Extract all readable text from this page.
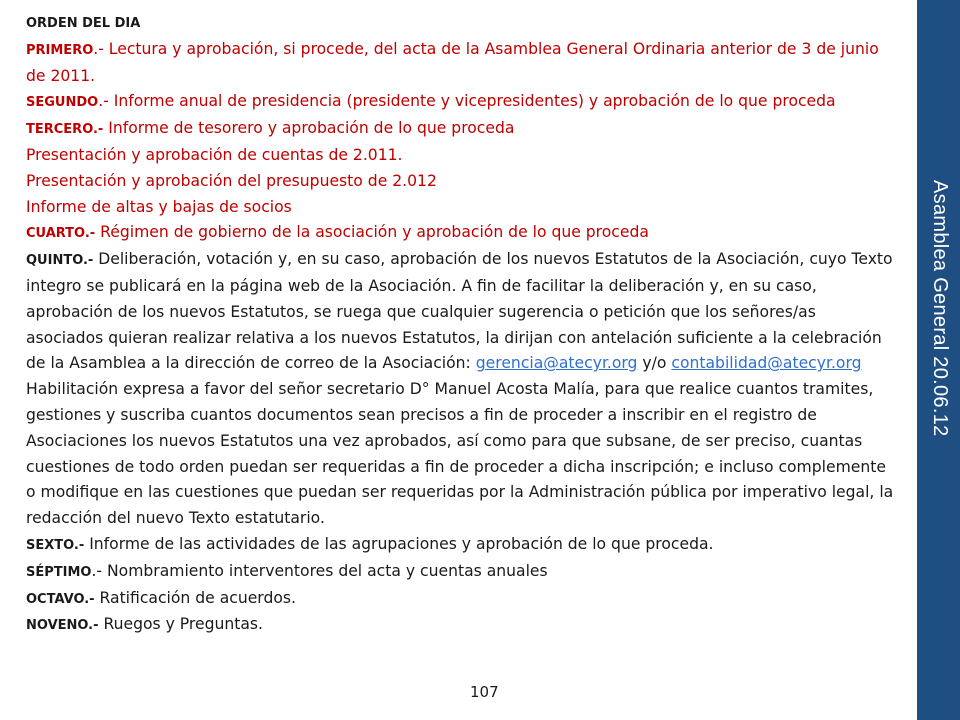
Asamblea General 20.06.12

ORDEN DEL DIA

PRIMERO.- Lectura y aprobación, si procede, del acta de la Asamblea General Ordinaria anterior de 3 de junio de 2011.

SEGUNDO.- Informe anual de presidencia (presidente y vicepresidentes) y aprobación de lo que proceda

TERCERO.- Informe de tesorero y aprobación de lo que proceda

Presentación y aprobación de cuentas de 2.011.

Presentación y aprobación del presupuesto de 2.012

Informe de altas y bajas de socios

CUARTO.- Régimen de gobierno de la asociación y aprobación de lo que proceda

QUINTO.- Deliberación, votación y, en su caso, aprobación de los nuevos Estatutos de la Asociación, cuyo Texto integro se publicará en la página web de la Asociación. A fin de facilitar la deliberación y, en su caso, aprobación de los nuevos Estatutos, se ruega que cualquier sugerencia o petición que los señores/as asociados quieran realizar relativa a los nuevos Estatutos, la dirijan con antelación suficiente a la celebración de la Asamblea a la dirección de correo de la Asociación: gerencia@atecyr.org y/o contabilidad@atecyr.org

Habilitación expresa a favor del señor secretario D° Manuel Acosta Malía, para que realice cuantos tramites, gestiones y suscriba cuantos documentos sean precisos a fin de proceder a inscribir en el registro de Asociaciones los nuevos Estatutos una vez aprobados, así como para que subsane, de ser preciso, cuantas cuestiones de todo orden puedan ser requeridas a fin de proceder a dicha inscripción; e incluso complemente o modifique en las cuestiones que puedan ser requeridas por la Administración pública por imperativo legal, la redacción del nuevo Texto estatutario.

SEXTO.- Informe de las actividades de las agrupaciones y aprobación de lo que proceda.

SÉPTIMO.- Nombramiento interventores del acta y cuentas anuales

OCTAVO.- Ratificación de acuerdos.

NOVENO.- Ruegos y Preguntas.

107
